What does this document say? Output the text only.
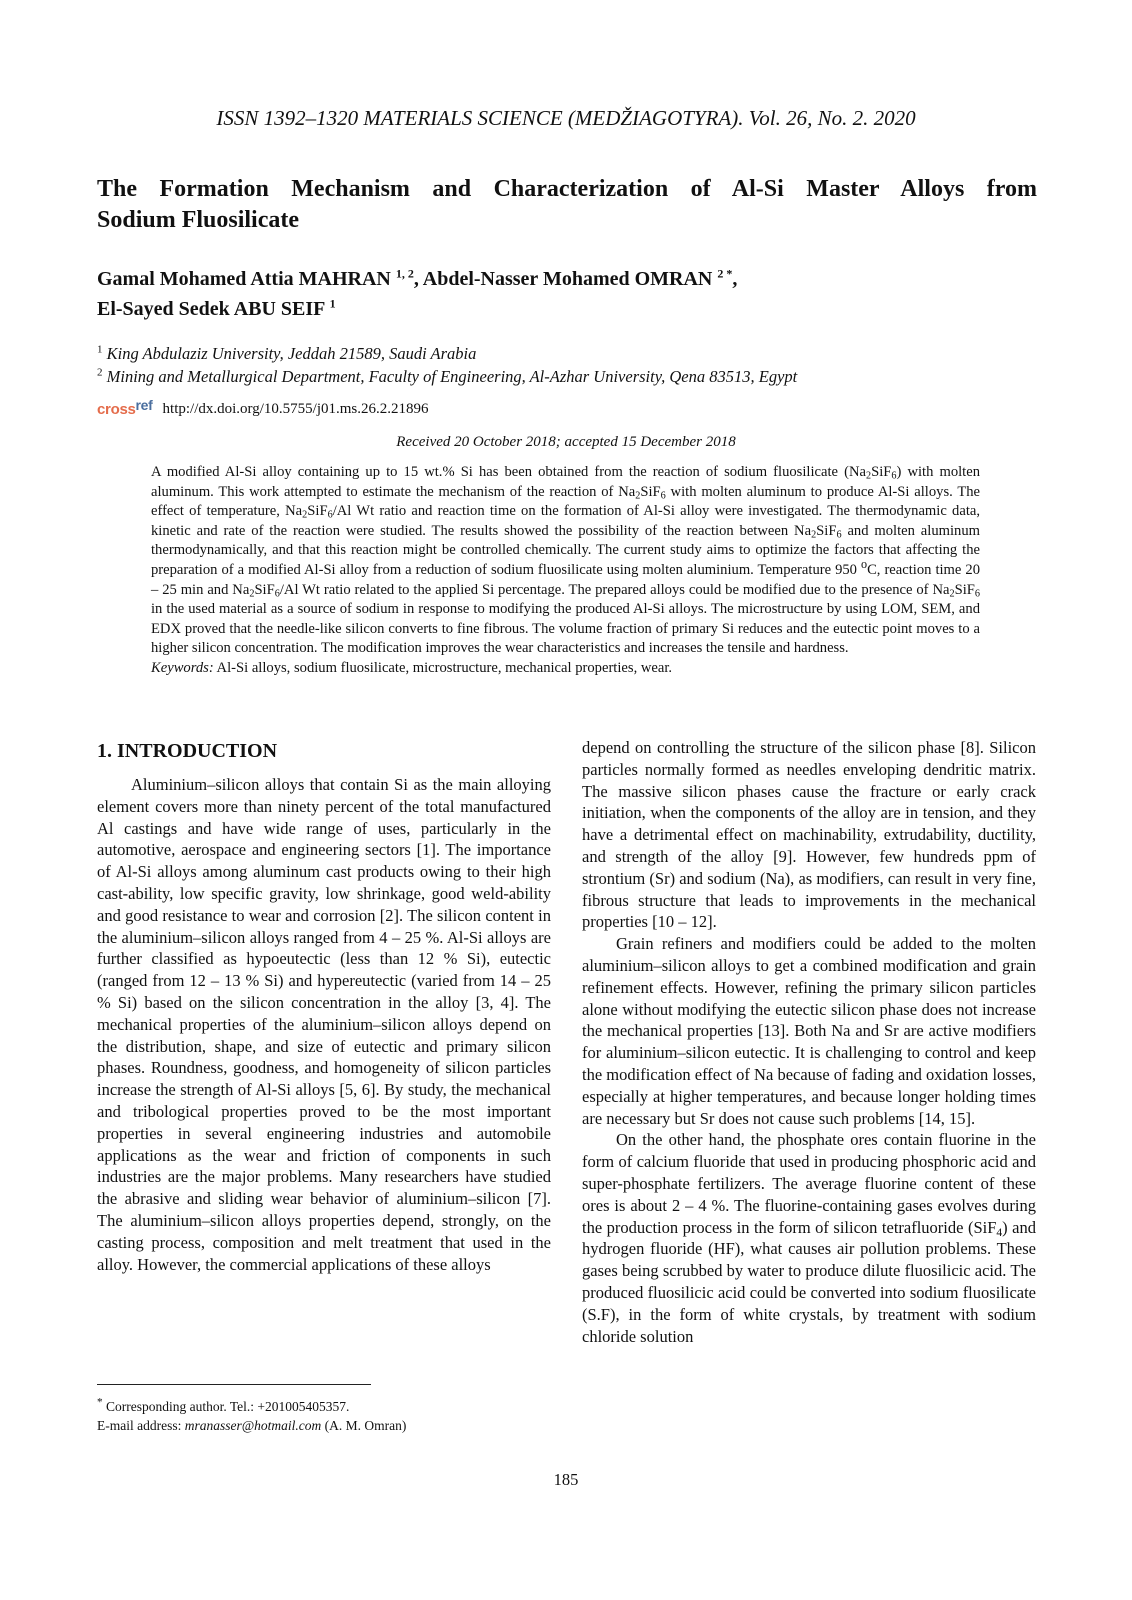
ISSN 1392–1320 MATERIALS SCIENCE (MEDŽIAGOTYRA). Vol. 26, No. 2. 2020
The Formation Mechanism and Characterization of Al-Si Master Alloys from
Sodium Fluosilicate
Gamal Mohamed Attia MAHRAN $^{1, 2}$, Abdel-Nasser Mohamed OMRAN $^{2 *}$,
El-Sayed Sedek ABU SEIF $^1$
$^1$ King Abdulaziz University, Jeddah 21589, Saudi Arabia
$^2$ Mining and Metallurgical Department, Faculty of Engineering, Al-Azhar University, Qena 83513, Egypt
crossref http://dx.doi.org/10.5755/j01.ms.26.2.21896
Received 20 October 2018; accepted 15 December 2018

A modified Al-Si alloy containing up to 15 wt.% Si has been obtained from the reaction of sodium fluosilicate $(Na_2SiF_6)$ with molten aluminum. This work attempted to estimate the mechanism of the reaction of $Na_2SiF_6$ with molten aluminum to produce Al-Si alloys. The effect of temperature, $Na_2SiF_6/Al$ Wt ratio and reaction time on the formation of Al-Si alloy were investigated. The thermodynamic data, kinetic and rate of the reaction were studied. The results showed the possibility of the reaction between $Na_2SiF_6$ and molten aluminum thermodynamically, and that this reaction might be controlled chemically. The current study aims to optimize the factors that affecting the preparation of a modified Al-Si alloy from a reduction of sodium fluosilicate using molten aluminium. Temperature 950 $^o$C, reaction time 20 – 25 min and $Na_2SiF_6/Al$ Wt ratio related to the applied Si percentage. The prepared alloys could be modified due to the presence of $Na_2SiF_6$ in the used material as a source of sodium in response to modifying the produced Al-Si alloys. The microstructure by using LOM, SEM, and EDX proved that the needle-like silicon converts to fine fibrous. The volume fraction of primary Si reduces and the eutectic point moves to a higher silicon concentration. The modification improves the wear characteristics and increases the tensile and hardness.
Keywords: Al-Si alloys, sodium fluosilicate, microstructure, mechanical properties, wear.

1. INTRODUCTION

Aluminium–silicon alloys that contain Si as the main alloying element covers more than ninety percent of the total manufactured Al castings and have wide range of uses, particularly in the automotive, aerospace and engineering sectors [1]. The importance of Al-Si alloys among aluminum cast products owing to their high cast-ability, low specific gravity, low shrinkage, good weld-ability and good resistance to wear and corrosion [2]. The silicon content in the aluminium–silicon alloys ranged from 4 – 25 %. Al-Si alloys are further classified as hypoeutectic (less than 12 % Si), eutectic (ranged from 12 – 13 % Si) and hypereutectic (varied from 14 – 25 % Si) based on the silicon concentration in the alloy [3, 4]. The mechanical properties of the aluminium–silicon alloys depend on the distribution, shape, and size of eutectic and primary silicon phases. Roundness, goodness, and homogeneity of silicon particles increase the strength of Al-Si alloys [5, 6]. By study, the mechanical and tribological properties proved to be the most important properties in several engineering industries and automobile applications as the wear and friction of components in such industries are the major problems. Many researchers have studied the abrasive and sliding wear behavior of aluminium–silicon [7]. The aluminium–silicon alloys properties depend, strongly, on the casting process, composition and melt treatment that used in the alloy. However, the commercial applications of these alloys

depend on controlling the structure of the silicon phase [8]. Silicon particles normally formed as needles enveloping dendritic matrix. The massive silicon phases cause the fracture or early crack initiation, when the components of the alloy are in tension, and they have a detrimental effect on machinability, extrudability, ductility, and strength of the alloy [9]. However, few hundreds ppm of strontium (Sr) and sodium (Na), as modifiers, can result in very fine, fibrous structure that leads to improvements in the mechanical properties [10 – 12].

Grain refiners and modifiers could be added to the molten aluminium–silicon alloys to get a combined modification and grain refinement effects. However, refining the primary silicon particles alone without modifying the eutectic silicon phase does not increase the mechanical properties [13]. Both Na and Sr are active modifiers for aluminium–silicon eutectic. It is challenging to control and keep the modification effect of Na because of fading and oxidation losses, especially at higher temperatures, and because longer holding times are necessary but Sr does not cause such problems [14, 15].

On the other hand, the phosphate ores contain fluorine in the form of calcium fluoride that used in producing phosphoric acid and super-phosphate fertilizers. The average fluorine content of these ores is about 2 – 4 %. The fluorine-containing gases evolves during the production process in the form of silicon tetrafluoride (SiF$_4$) and hydrogen fluoride (HF), what causes air pollution problems. These gases being scrubbed by water to produce dilute fluosilicic acid. The produced fluosilicic acid could be converted into sodium fluosilicate (S.F), in the form of white crystals, by treatment with sodium chloride solution

* Corresponding author. Tel.: +201005405357.
E-mail address: mranasser@hotmail.com (A. M. Omran)
185
